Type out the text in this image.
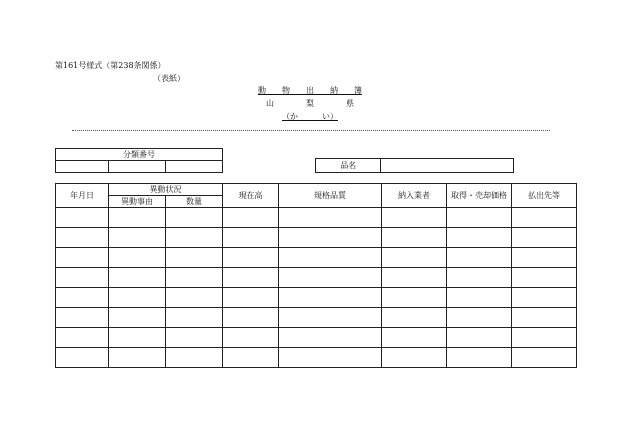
第161号様式（第238条関係）
（表紙）
動　　物　　出　　納　　簿
山　　　　梨　　　　県
（か　　　い）
分類番号

品名	
年月日	異動状況		現在高	規格品質	納入業者	取得・売却価格	払出先等
	異動事由	数量					
